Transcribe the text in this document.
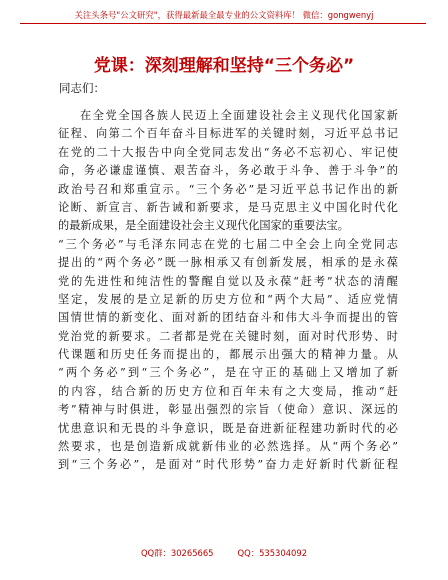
关注头条号"公文研究"，获得最新最全最专业的公文资料库！ 微信：gongwenyj
党课：深刻理解和坚持“三个务必”
同志们：
在全党全国各族人民迈上全面建设社会主义现代化国家新
征程、向第二个百年奋斗目标进军的关键时刻，习近平总书记
在党的二十大报告中向全党同志发出“务必不忘初心、牢记使
命，务必谦虚谨慎、艰苦奋斗，务必敢于斗争、善于斗争”的
政治号召和郑重宣示。“三个务必”是习近平总书记作出的新
论断、新宣言、新告诫和新要求，是马克思主义中国化时代化
的最新成果，是全面建设社会主义现代化国家的重要法宝。
“三个务必”与毛泽东同志在党的七届二中全会上向全党同志
提出的“两个务必”既一脉相承又有创新发展，相承的是永葆
党的先进性和纯洁性的警醒自觉以及永葆“赶考”状态的清醒
坚定，发展的是立足新的历史方位和“两个大局”、适应党情
国情世情的新变化、面对新的团结奋斗和伟大斗争而提出的管
党治党的新要求。二者都是党在关键时刻，面对时代形势、时
代课题和历史任务而提出的，都展示出强大的精神力量。从
“两个务必”到“三个务必”，是在守正的基础上又增加了新
的内容，结合新的历史方位和百年未有之大变局，推动“赶
考”精神与时俱进，彰显出强烈的宗旨（使命）意识、深远的
忧患意识和无畏的斗争意识，既是奋进新征程建功新时代的必
然要求，也是创造新成就新伟业的必然选择。从“两个务必”
到“三个务必”，是面对“时代形势”奋力走好新时代新征程
QQ群：30265665	QQ：535304092
